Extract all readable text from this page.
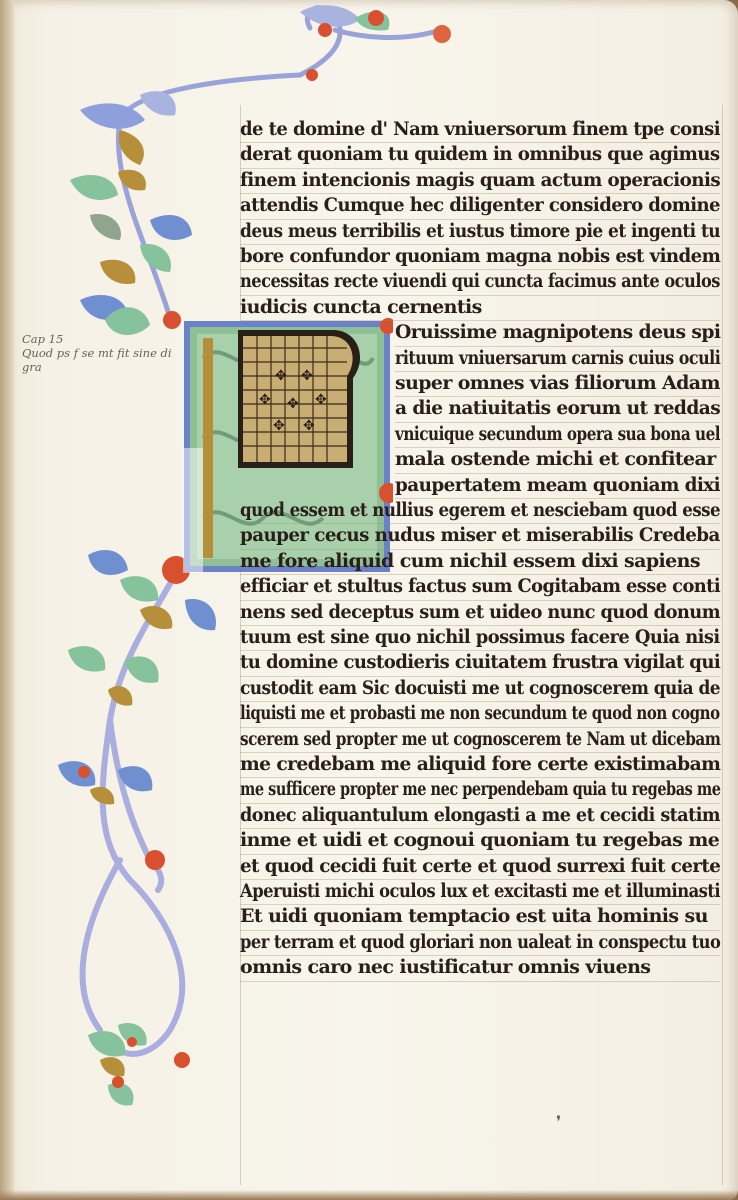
✥ ✥
✥ ✥ ✥
✥ ✥
Cap 15
Quod ps f se mt fit sine di
gra
de te domine d' Nam vniuersorum finem tpe consi
derat quoniam tu quidem in omnibus que agimus
finem intencionis magis quam actum operacionis
attendis Cumque hec diligenter considero domine
deus meus terribilis et iustus timore pie et ingenti tu
bore confundor quoniam magna nobis est vindem
necessitas recte viuendi qui cuncta facimus ante oculos
iudicis cuncta cernentis
Oruissime magnipotens deus spi
rituum vniuersarum carnis cuius oculi
super omnes vias filiorum Adam
a die natiuitatis eorum ut reddas
vnicuique secundum opera sua bona uel
mala ostende michi et confitear
paupertatem meam quoniam dixi
quod essem et nullius egerem et nesciebam quod esse
pauper cecus nudus miser et miserabilis Credeba
me fore aliquid cum nichil essem dixi sapiens
efficiar et stultus factus sum Cogitabam esse conti
nens sed deceptus sum et uideo nunc quod donum
tuum est sine quo nichil possimus facere Quia nisi
tu domine custodieris ciuitatem frustra vigilat qui
custodit eam Sic docuisti me ut cognoscerem quia de
liquisti me et probasti me non secundum te quod non cogno
scerem sed propter me ut cognoscerem te Nam ut dicebam
me credebam me aliquid fore certe existimabam
me sufficere propter me nec perpendebam quia tu regebas me
donec aliquantulum elongasti a me et cecidi statim
inme et uidi et cognoui quoniam tu regebas me
et quod cecidi fuit certe et quod surrexi fuit certe
Aperuisti michi oculos lux et excitasti me et illuminasti
Et uidi quoniam temptacio est uita hominis su
per terram et quod gloriari non ualeat in conspectu tuo
omnis caro nec iustificatur omnis viuens
❜
